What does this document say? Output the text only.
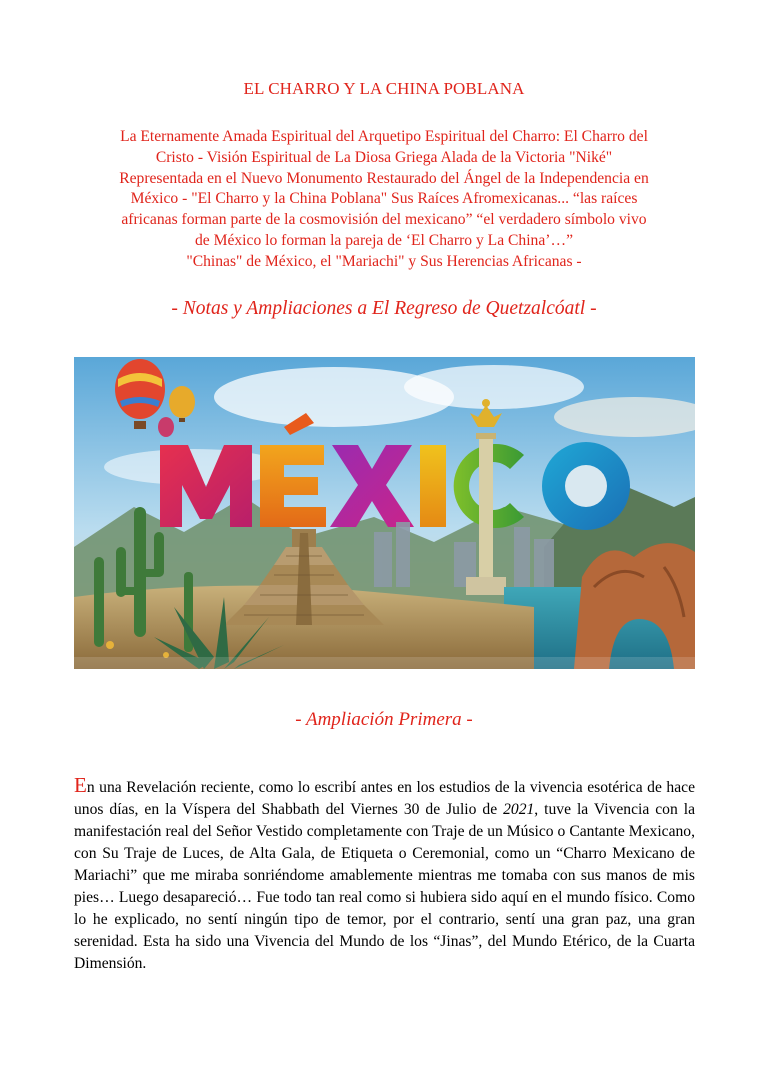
EL CHARRO Y LA CHINA POBLANA
La Eternamente Amada Espiritual del Arquetipo Espiritual del Charro: El Charro del
Cristo - Visión Espiritual de La Diosa Griega Alada de la Victoria "Niké"
Representada en el Nuevo Monumento Restaurado del Ángel de la Independencia en
México - "El Charro y la China Poblana" Sus Raíces Afromexicanas... “las raíces
africanas forman parte de la cosmovisión del mexicano” “el verdadero símbolo vivo
de México lo forman la pareja de ‘El Charro y La China’…”
"Chinas" de México, el "Mariachi" y Sus Herencias Africanas -
- Notas y Ampliaciones a El Regreso de Quetzalcóatl -
- Ampliación Primera -
En una Revelación reciente, como lo escribí antes en los estudios de la vivencia esotérica de hace unos días, en la Víspera del Shabbath del Viernes 30 de Julio de 2021, tuve la Vivencia con la manifestación real del Señor Vestido completamente con Traje de un Músico o Cantante Mexicano, con Su Traje de Luces, de Alta Gala, de Etiqueta o Ceremonial, como un “Charro Mexicano de Mariachi” que me miraba sonriéndome amablemente mientras me tomaba con sus manos de mis pies… Luego desapareció… Fue todo tan real como si hubiera sido aquí en el mundo físico. Como lo he explicado, no sentí ningún tipo de temor, por el contrario, sentí una gran paz, una gran serenidad. Esta ha sido una Vivencia del Mundo de los “Jinas”, del Mundo Etérico, de la Cuarta Dimensión.
